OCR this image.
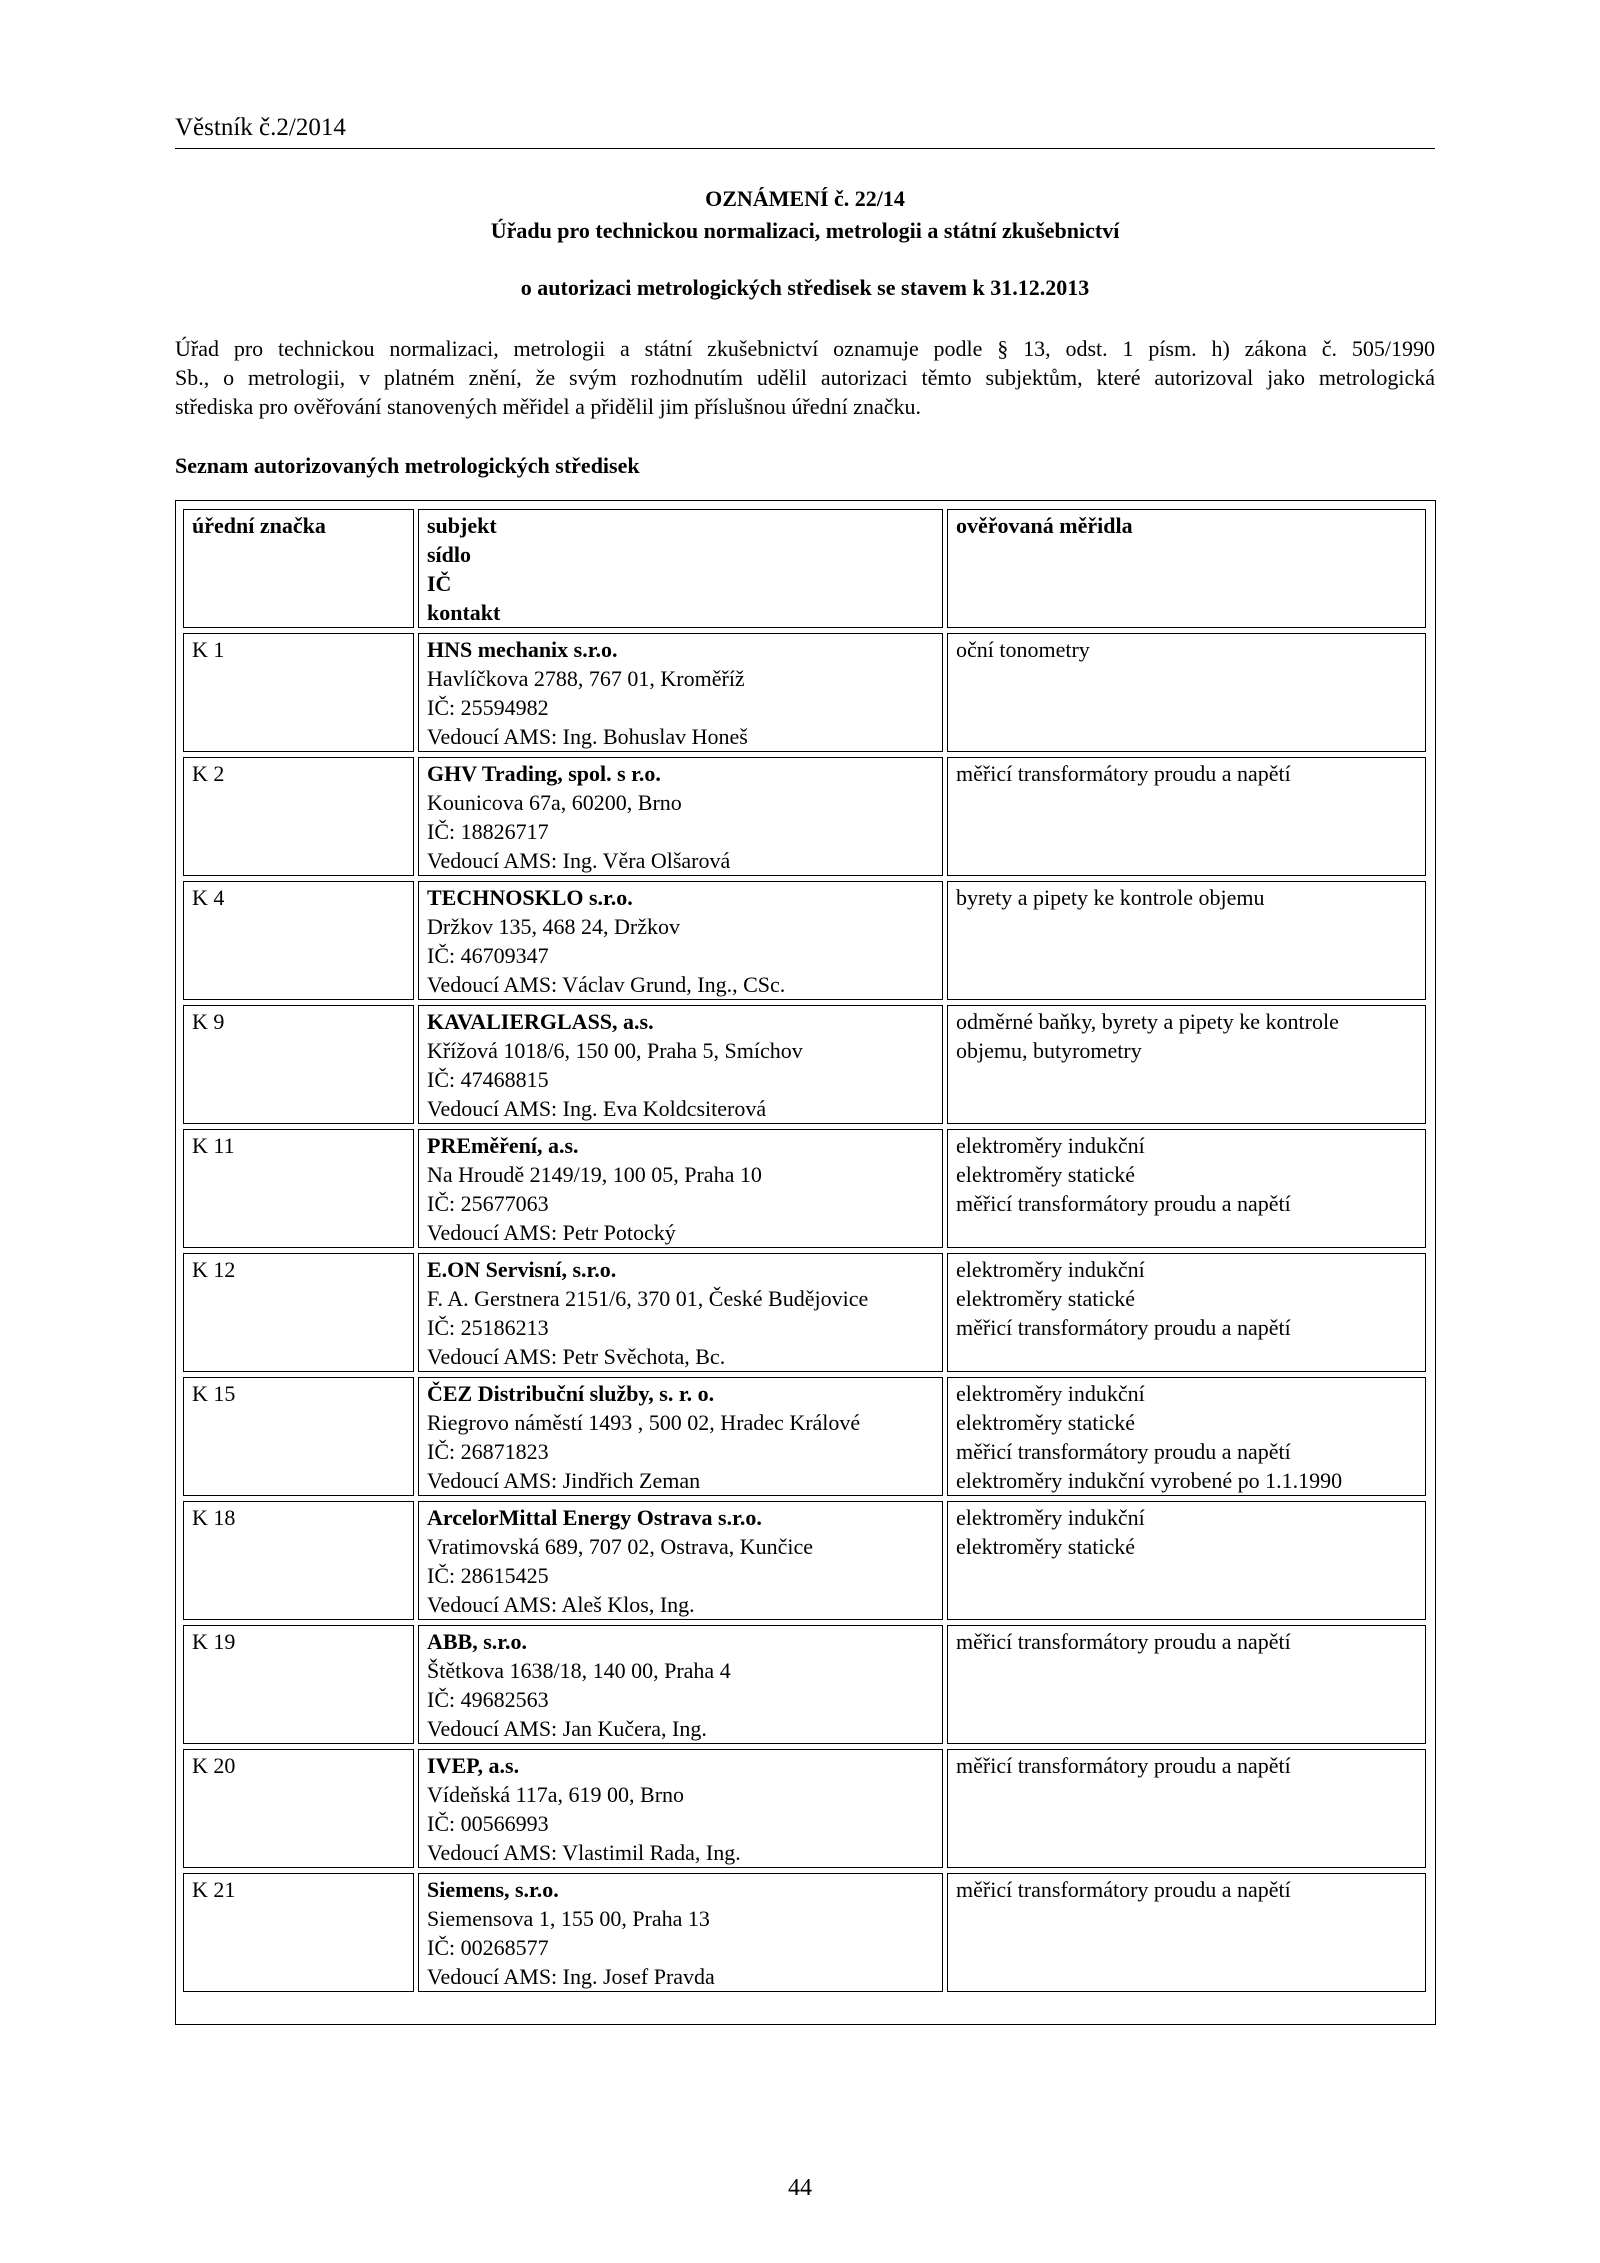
Věstník č.2/2014
OZNÁMENÍ č. 22/14
Úřadu pro technickou normalizaci, metrologii a státní zkušebnictví
o autorizaci metrologických středisek se stavem k 31.12.2013
Úřad pro technickou normalizaci, metrologii a státní zkušebnictví oznamuje podle § 13, odst. 1 písm. h) zákona č. 505/1990
Sb., o metrologii, v platném znění, že svým rozhodnutím udělil autorizaci těmto subjektům, které autorizoval jako metrologická
střediska pro ověřování stanovených měřidel a přidělil jim příslušnou úřední značku.
Seznam autorizovaných metrologických středisek
úřední značka	subjekt
sídlo
IČ
kontakt	ověřovaná měřidla
K 1	HNS mechanix s.r.o.
Havlíčkova 2788, 767 01, Kroměříž
IČ: 25594982
Vedoucí AMS: Ing. Bohuslav Honeš	oční tonometry

K 2	GHV Trading, spol. s r.o.
Kounicova 67a, 60200, Brno
IČ: 18826717
Vedoucí AMS: Ing. Věra Olšarová	měřicí transformátory proudu a napětí

K 4	TECHNOSKLO s.r.o.
Držkov 135, 468 24, Držkov
IČ: 46709347
Vedoucí AMS: Václav Grund, Ing., CSc.	byrety a pipety ke kontrole objemu

K 9	KAVALIERGLASS, a.s.
Křížová 1018/6, 150 00, Praha 5, Smíchov
IČ: 47468815
Vedoucí AMS: Ing. Eva Koldcsiterová	odměrné baňky, byrety a pipety ke kontrole
objemu, butyrometry

K 11	PREměření, a.s.
Na Hroudě 2149/19, 100 05, Praha 10
IČ: 25677063
Vedoucí AMS: Petr Potocký	elektroměry indukční
elektroměry statické
měřicí transformátory proudu a napětí

K 12	E.ON Servisní, s.r.o.
F. A. Gerstnera 2151/6, 370 01, České Budějovice
IČ: 25186213
Vedoucí AMS: Petr Svěchota, Bc.	elektroměry indukční
elektroměry statické
měřicí transformátory proudu a napětí

K 15	ČEZ Distribuční služby, s. r. o.
Riegrovo náměstí 1493 , 500 02, Hradec Králové
IČ: 26871823
Vedoucí AMS: Jindřich Zeman	elektroměry indukční
elektroměry statické
měřicí transformátory proudu a napětí
elektroměry indukční vyrobené po 1.1.1990

K 18	ArcelorMittal Energy Ostrava s.r.o.
Vratimovská 689, 707 02, Ostrava, Kunčice
IČ: 28615425
Vedoucí AMS: Aleš Klos, Ing.	elektroměry indukční
elektroměry statické

K 19	ABB, s.r.o.
Štětkova 1638/18, 140 00, Praha 4
IČ: 49682563
Vedoucí AMS: Jan Kučera, Ing.	měřicí transformátory proudu a napětí

K 20	IVEP, a.s.
Vídeňská 117a, 619 00, Brno
IČ: 00566993
Vedoucí AMS: Vlastimil Rada, Ing.	měřicí transformátory proudu a napětí

K 21	Siemens, s.r.o.
Siemensova 1, 155 00, Praha 13
IČ: 00268577
Vedoucí AMS: Ing. Josef Pravda	měřicí transformátory proudu a napětí
44
